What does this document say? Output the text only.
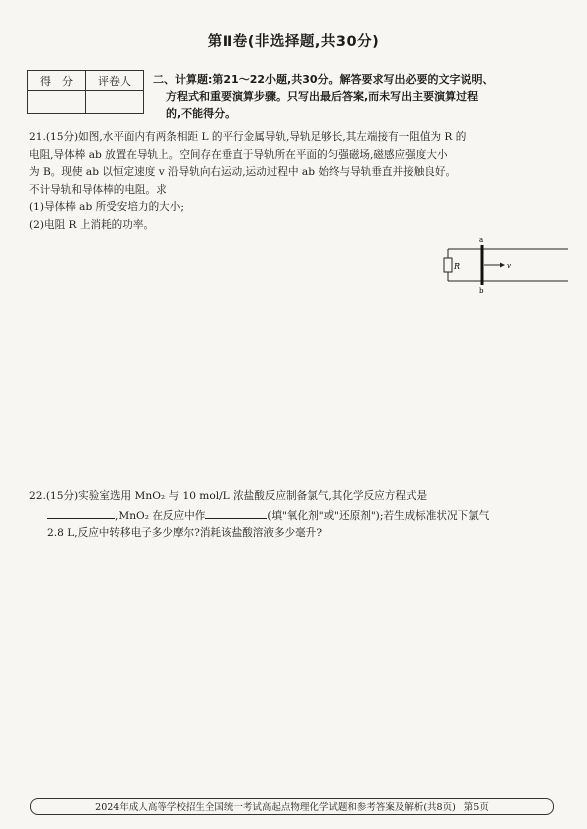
第Ⅱ卷(非选择题,共30分)
得　分	评卷人
	二、计算题:第21～22小题,共30分。解答要求写出必要的文字说明、
方程式和重要演算步骤。只写出最后答案,而未写出主要演算过程
的,不能得分。
21.(15分)如图,水平面内有两条相距 L 的平行金属导轨,导轨足够长,其左端接有一阻值为 R 的
电阻,导体棒 ab 放置在导轨上。空间存在垂直于导轨所在平面的匀强磁场,磁感应强度大小
为 B。现使 ab 以恒定速度 v 沿导轨向右运动,运动过程中 ab 始终与导轨垂直并接触良好。
不计导轨和导体棒的电阻。求
(1)导体棒 ab 所受安培力的大小;
(2)电阻 R 上消耗的功率。
R
a
b
v
22.(15分)实验室选用 MnO₂ 与 10 mol/L 浓盐酸反应制备氯气,其化学反应方程式是
,MnO₂ 在反应中作	(填"氧化剂"或"还原剂");若生成标准状况下氯气
2.8 L,反应中转移电子多少摩尔?消耗该盐酸溶液多少毫升?
2024年成人高等学校招生全国统一考试高起点物理化学试题和参考答案及解析(共8页) 第5页
